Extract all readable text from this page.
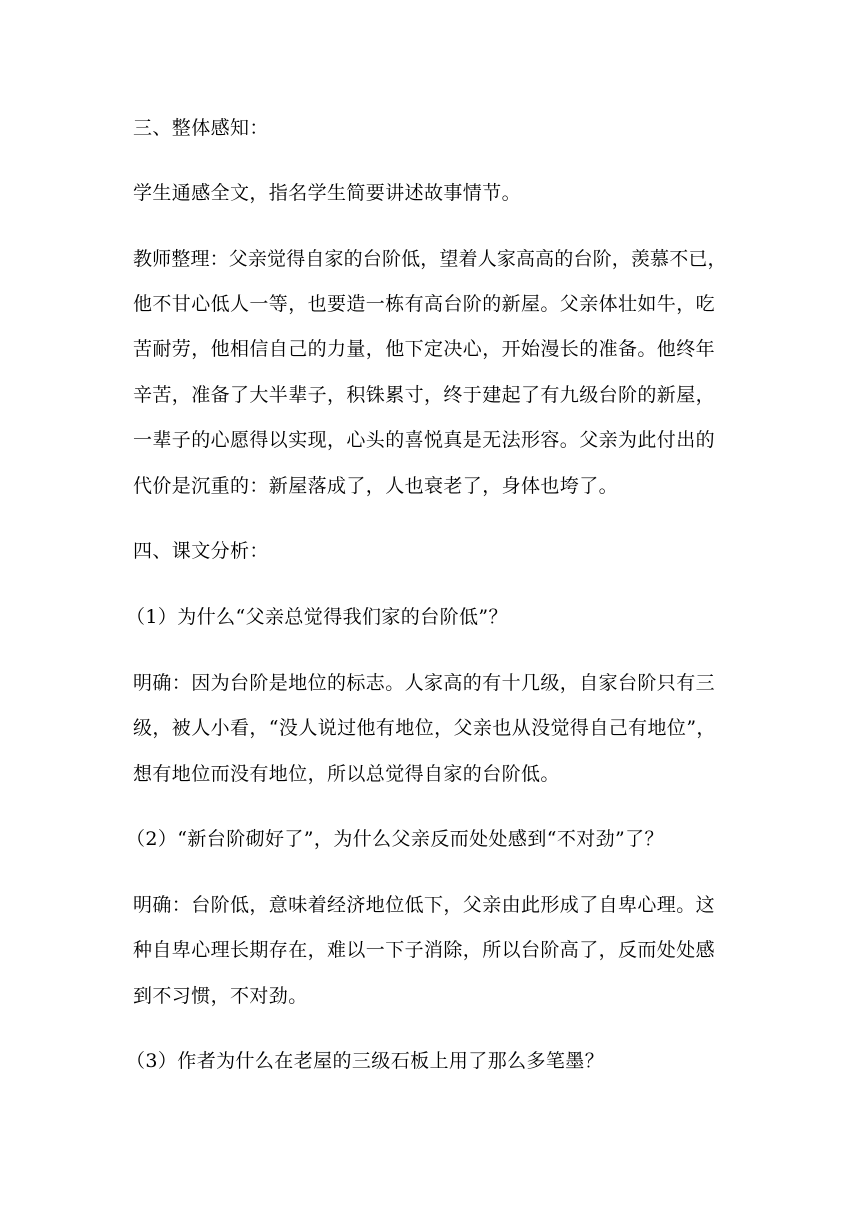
三、整体感知：
学生通感全文，指名学生简要讲述故事情节。
教师整理：父亲觉得自家的台阶低，望着人家高高的台阶，羡慕不已，
他不甘心低人一等，也要造一栋有高台阶的新屋。父亲体壮如牛，吃
苦耐劳，他相信自己的力量，他下定决心，开始漫长的准备。他终年
辛苦，准备了大半辈子，积铢累寸，终于建起了有九级台阶的新屋，
一辈子的心愿得以实现，心头的喜悦真是无法形容。父亲为此付出的
代价是沉重的：新屋落成了，人也衰老了，身体也垮了。
四、课文分析：
（1）为什么“父亲总觉得我们家的台阶低”？
明确：因为台阶是地位的标志。人家高的有十几级，自家台阶只有三
级，被人小看，“没人说过他有地位，父亲也从没觉得自己有地位”，
想有地位而没有地位，所以总觉得自家的台阶低。
（2）“新台阶砌好了”，为什么父亲反而处处感到“不对劲”了？
明确：台阶低，意味着经济地位低下，父亲由此形成了自卑心理。这
种自卑心理长期存在，难以一下子消除，所以台阶高了，反而处处感
到不习惯，不对劲。
（3）作者为什么在老屋的三级石板上用了那么多笔墨？
